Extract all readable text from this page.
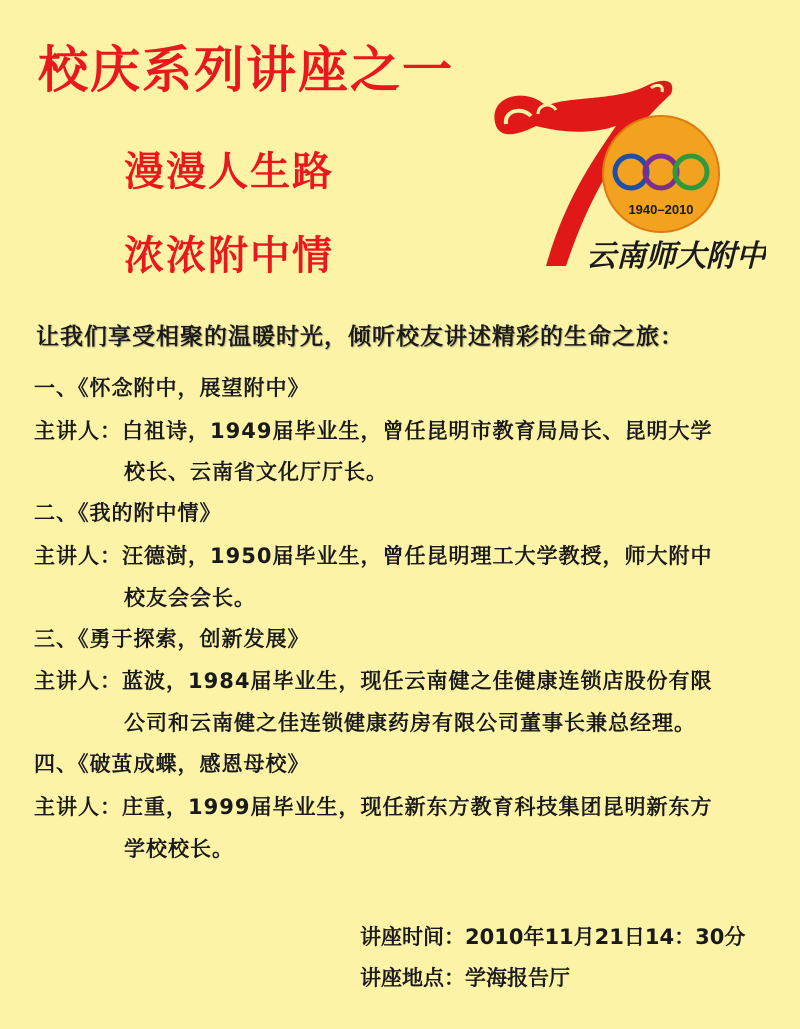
校庆系列讲座之一
漫漫人生路
浓浓附中情
1940–2010
云南师大附中
让我们享受相聚的温暖时光，倾听校友讲述精彩的生命之旅：
一、《怀念附中，展望附中》
主讲人：白祖诗，1949届毕业生，曾任昆明市教育局局长、昆明大学
校长、云南省文化厅厅长。
二、《我的附中情》
主讲人：汪德澍，1950届毕业生，曾任昆明理工大学教授，师大附中
校友会会长。
三、《勇于探索，创新发展》
主讲人：蓝波，1984届毕业生，现任云南健之佳健康连锁店股份有限
公司和云南健之佳连锁健康药房有限公司董事长兼总经理。
四、《破茧成蝶，感恩母校》
主讲人：庄重，1999届毕业生，现任新东方教育科技集团昆明新东方
学校校长。
讲座时间：2010年11月21日14：30分
讲座地点：学海报告厅
